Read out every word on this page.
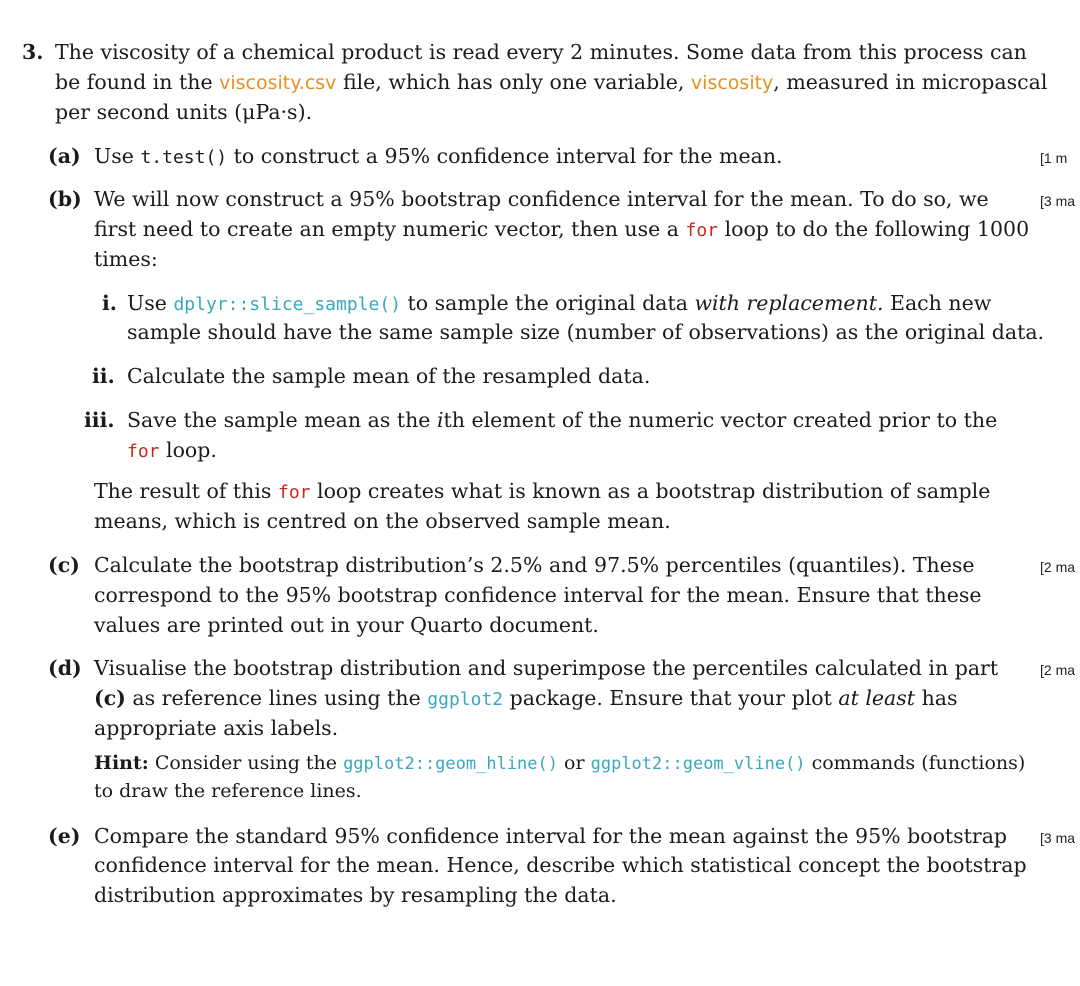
3. The viscosity of a chemical product is read every 2 minutes. Some data from this process can
be found in the viscosity.csv file, which has only one variable, viscosity, measured in micropascal
per second units (μPa·s).
(a) Use t.test() to construct a 95% confidence interval for the mean.	[1 m
(b) We will now construct a 95% bootstrap confidence interval for the mean. To do so, we	[3 ma
first need to create an empty numeric vector, then use a for loop to do the following 1000
times:
i. Use dplyr::slice_sample() to sample the original data with replacement. Each new
sample should have the same sample size (number of observations) as the original data.
ii. Calculate the sample mean of the resampled data.
iii. Save the sample mean as the ith element of the numeric vector created prior to the
for loop.
The result of this for loop creates what is known as a bootstrap distribution of sample
means, which is centred on the observed sample mean.
(c) Calculate the bootstrap distribution’s 2.5% and 97.5% percentiles (quantiles). These	[2 ma
correspond to the 95% bootstrap confidence interval for the mean. Ensure that these
values are printed out in your Quarto document.
(d) Visualise the bootstrap distribution and superimpose the percentiles calculated in part	[2 ma
(c) as reference lines using the ggplot2 package. Ensure that your plot at least has
appropriate axis labels.
Hint: Consider using the ggplot2::geom_hline() or ggplot2::geom_vline() commands (functions)
to draw the reference lines.
(e) Compare the standard 95% confidence interval for the mean against the 95% bootstrap [3 ma
confidence interval for the mean. Hence, describe which statistical concept the bootstrap
distribution approximates by resampling the data.
